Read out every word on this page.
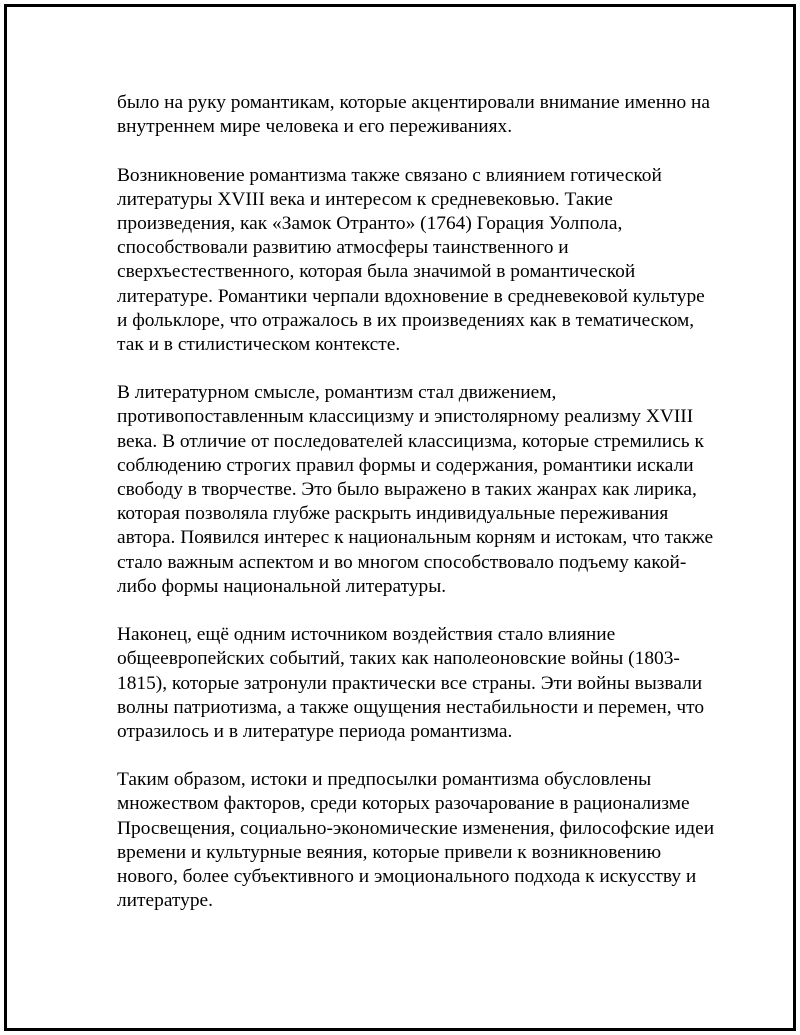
было на руку романтикам, которые акцентировали внимание именно на
внутреннем мире человека и его переживаниях.
Возникновение романтизма также связано с влиянием готической
литературы XVIII века и интересом к средневековью. Такие
произведения, как «Замок Отранто» (1764) Горация Уолпола,
способствовали развитию атмосферы таинственного и
сверхъестественного, которая была значимой в романтической
литературе. Романтики черпали вдохновение в средневековой культуре
и фольклоре, что отражалось в их произведениях как в тематическом,
так и в стилистическом контексте.
В литературном смысле, романтизм стал движением,
противопоставленным классицизму и эпистолярному реализму XVIII
века. В отличие от последователей классицизма, которые стремились к
соблюдению строгих правил формы и содержания, романтики искали
свободу в творчестве. Это было выражено в таких жанрах как лирика,
которая позволяла глубже раскрыть индивидуальные переживания
автора. Появился интерес к национальным корням и истокам, что также
стало важным аспектом и во многом способствовало подъему какой-
либо формы национальной литературы.
Наконец, ещё одним источником воздействия стало влияние
общеевропейских событий, таких как наполеоновские войны (1803-
1815), которые затронули практически все страны. Эти войны вызвали
волны патриотизма, а также ощущения нестабильности и перемен, что
отразилось и в литературе периода романтизма.
Таким образом, истоки и предпосылки романтизма обусловлены
множеством факторов, среди которых разочарование в рационализме
Просвещения, социально-экономические изменения, философские идеи
времени и культурные веяния, которые привели к возникновению
нового, более субъективного и эмоционального подхода к искусству и
литературе.
